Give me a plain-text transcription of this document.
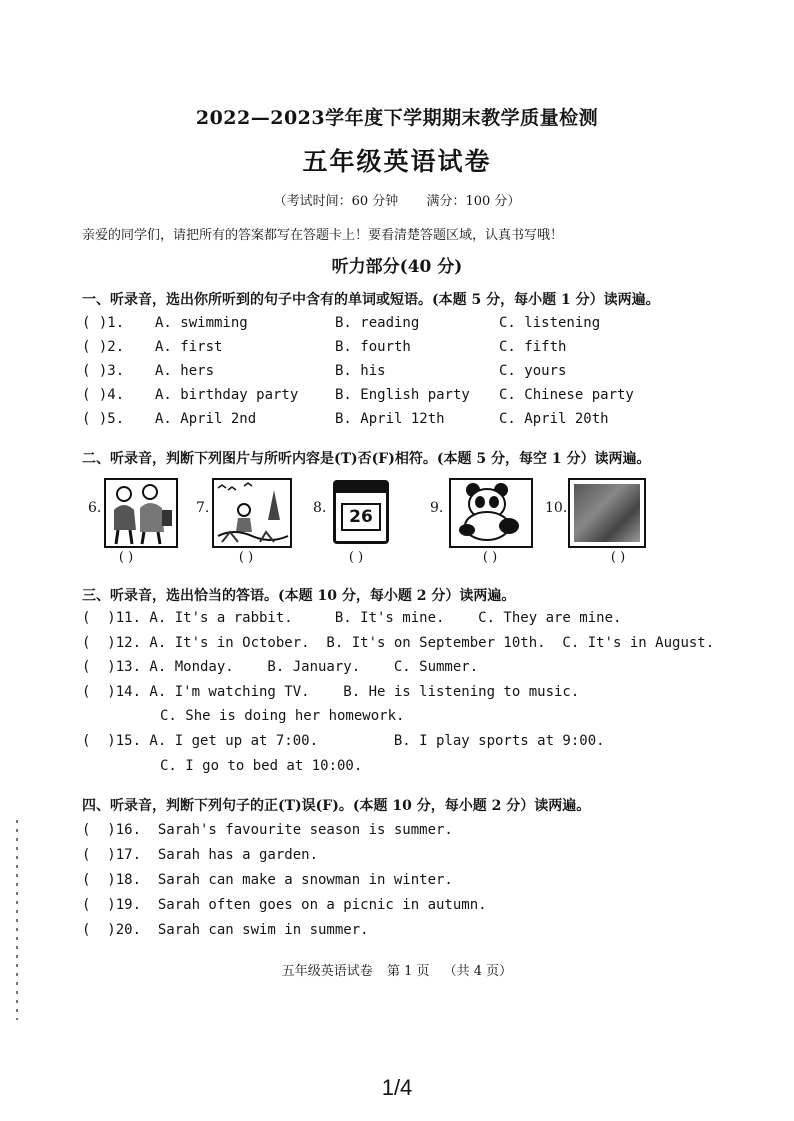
2022—2023学年度下学期期末教学质量检测
五年级英语试卷
（考试时间：60 分钟 满分：100 分）
亲爱的同学们，请把所有的答案都写在答题卡上！要看清楚答题区域，认真书写哦！
听力部分(40 分)
一、听录音，选出你所听到的句子中含有的单词或短语。(本题 5 分，每小题 1 分）读两遍。
( )1.	A. swimming	B. reading	C. listening
( )2.	A. first	B. fourth	C. fifth
( )3.	A. hers	B. his	C. yours
( )4.	A. birthday party	B. English party C. Chinese party
( )5.	A. April 2nd	B. April 12th	C. April 20th
二、听录音，判断下列图片与所听内容是(T)否(F)相符。(本题 5 分，每空 1 分）读两遍。
6.
( )
7.
( )
8.	26
( )
9.
( )
10.
( )
三、听录音，选出恰当的答语。(本题 10 分，每小题 2 分）读两遍。
(  )11. A. It's a rabbit.     B. It's mine.    C. They are mine.
(  )12. A. It's in October.  B. It's on September 10th.  C. It's in August.
(  )13. A. Monday.    B. January.    C. Summer.
(  )14. A. I'm watching TV.    B. He is listening to music.
C. She is doing her homework.
(  )15. A. I get up at 7:00.         B. I play sports at 9:00.
C. I go to bed at 10:00.
四、听录音，判断下列句子的正(T)误(F)。(本题 10 分，每小题 2 分）读两遍。
(  )16.  Sarah's favourite season is summer.
(  )17.  Sarah has a garden.
(  )18.  Sarah can make a snowman in winter.
(  )19.  Sarah often goes on a picnic in autumn.
(  )20.  Sarah can swim in summer.
五年级英语试卷 第 1 页 （共 4 页）
1/4
